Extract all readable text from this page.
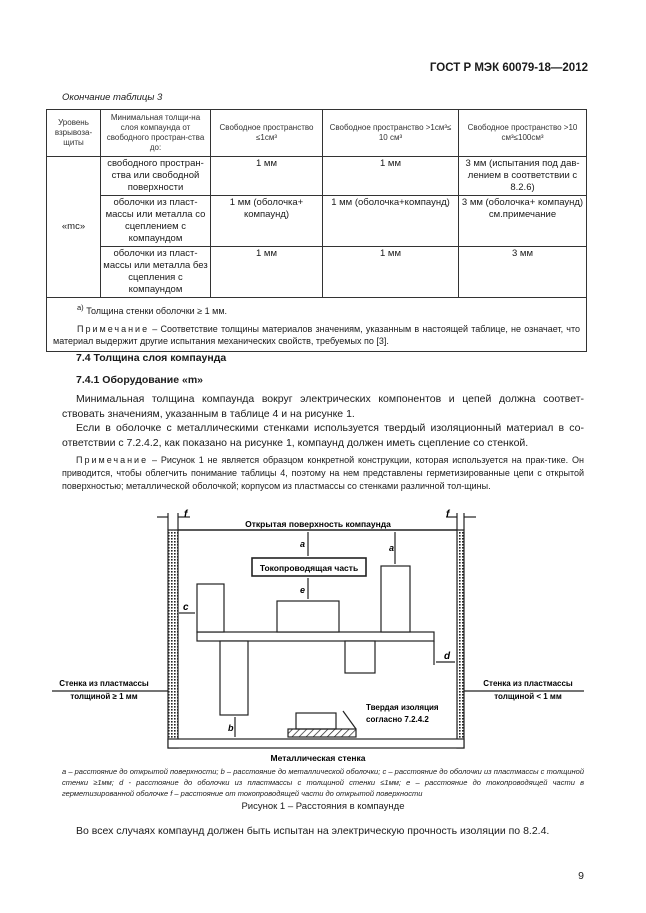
ГОСТ Р МЭК 60079-18—2012
Окончание таблицы 3
Уровень взрывоза-щиты	Минимальная толщи-на слоя компаунда от свободного простран-ства до:	Свободное пространство ≤1см³	Свободное пространство >1см³≤ 10 см³	Свободное пространство >10 см³≤100см³
«mc»	свободного простран-ства или свободной поверхности	1 мм	1 мм	3 мм (испытания под дав-лением в соответствии с 8.2.6)
	оболочки из пласт-массы или металла со сцеплением с компаундом	1 мм (оболочка+ компаунд)	1 мм (оболочка+компаунд)	3 мм (оболочка+ компаунд) см.примечание
	оболочки из пласт-массы или металла без сцепления с компаундом	1 мм	1 мм	3 мм

$^{a)}$ Толщина стенки оболочки ≥ 1 мм.
Примечание – Соответствие толщины материалов значениям, указанным в настоящей таблице, не означает, что материал выдержит другие испытания механических свойств, требуемых по [3].				
7.4 Толщина слоя компаунда
7.4.1 Оборудование «m»

Минимальная толщина компаунда вокруг электрических компонентов и цепей должна соответ-ствовать значениям, указанным в таблице 4 и на рисунке 1.

Если в оболочке с металлическими стенками используется твердый изоляционный материал в со-ответствии с 7.2.4.2, как показано на рисунке 1, компаунд должен иметь сцепление со стенкой.

Примечание – Рисунок 1 не является образцом конкретной конструкции, которая используется на прак-тике. Он приводится, чтобы облегчить понимание таблицы 4, поэтому на нем представлены герметизированные цепи с открытой поверхностью; металлической оболочкой; корпусом из пластмассы со стенками различной тол-щины.

f	f
Открытая поверхность компаунда
Токопроводящая часть
a
e
a
c
b
d
Стенка из пластмассы
толщиной ≥ 1 мм
Стенка из пластмассы
толщиной < 1 мм
Твердая изоляция
согласно 7.2.4.2
Металлическая стенка
a – расстояние до открытой поверхности; b – расстояние до металлической оболочки; c – расстояние до оболочки из пластмассы с толщиной стенки ≥1мм; d - расстояние до оболочки из пластмассы с толщиной стенки ≤1мм; e – расстояние до токопроводящей части в герметизированной оболочке f – расстояние от токопроводящей части до открытой поверхности
Рисунок 1 – Расстояния в компаунде
Во всех случаях компаунд должен быть испытан на электрическую прочность изоляции по 8.2.4.
9
